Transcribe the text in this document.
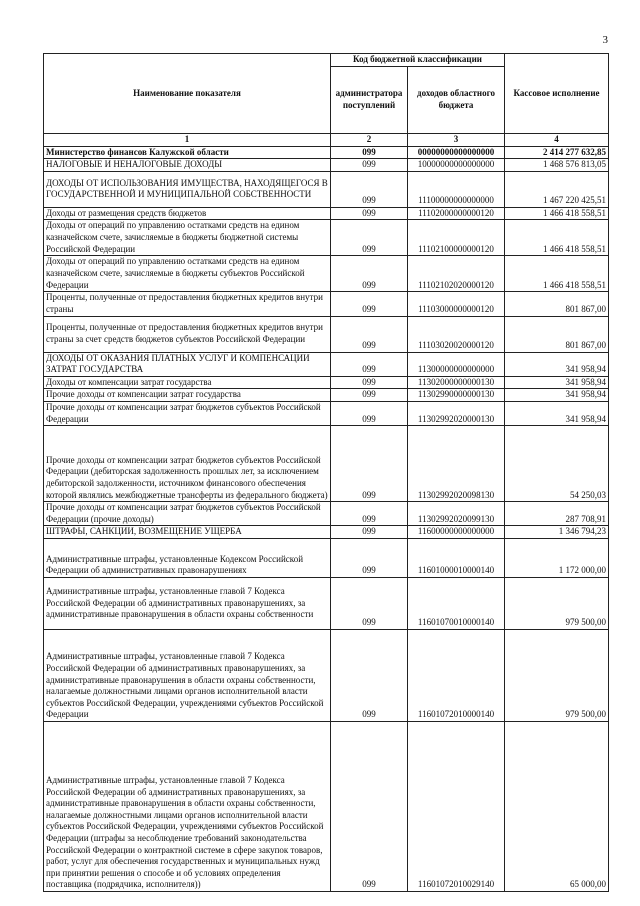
3
Наименование показателя	Код бюджетной классификации		Кассовое исполнение
	администратора поступлений	доходов областного бюджета	
1	2	3	4
Министерство финансов Калужской области	099	00000000000000000	2 414 277 632,85
НАЛОГОВЫЕ И НЕНАЛОГОВЫЕ ДОХОДЫ	099	10000000000000000	1 468 576 813,05
ДОХОДЫ ОТ ИСПОЛЬЗОВАНИЯ ИМУЩЕСТВА, НАХОДЯЩЕГОСЯ В ГОСУДАРСТВЕННОЙ И МУНИЦИПАЛЬНОЙ СОБСТВЕННОСТИ	099	11100000000000000	1 467 220 425,51
Доходы от размещения средств бюджетов	099	11102000000000120	1 466 418 558,51
Доходы от операций по управлению остатками средств на едином казначейском счете, зачисляемые в бюджеты бюджетной системы Российской Федерации	099	11102100000000120	1 466 418 558,51
Доходы от операций по управлению остатками средств на едином казначейском счете, зачисляемые в бюджеты субъектов Российской Федерации	099	11102102020000120	1 466 418 558,51
Проценты, полученные от предоставления бюджетных кредитов внутри страны	099	11103000000000120	801 867,00
Проценты, полученные от предоставления бюджетных кредитов внутри страны за счет средств бюджетов субъектов Российской Федерации	099	11103020020000120	801 867,00
ДОХОДЫ ОТ ОКАЗАНИЯ ПЛАТНЫХ УСЛУГ И КОМПЕНСАЦИИ ЗАТРАТ ГОСУДАРСТВА	099	11300000000000000	341 958,94
Доходы от компенсации затрат государства	099	11302000000000130	341 958,94
Прочие доходы от компенсации затрат государства	099	11302990000000130	341 958,94
Прочие доходы от компенсации затрат бюджетов субъектов Российской Федерации	099	11302992020000130	341 958,94
Прочие доходы от компенсации затрат бюджетов субъектов Российской Федерации (дебиторская задолженность прошлых лет, за исключением дебиторской задолженности, источником финансового обеспечения которой являлись межбюджетные трансферты из федерального бюджета)	099	11302992020098130	54 250,03
Прочие доходы от компенсации затрат бюджетов субъектов Российской Федерации (прочие доходы)	099	11302992020099130	287 708,91
ШТРАФЫ, САНКЦИИ, ВОЗМЕЩЕНИЕ УЩЕРБА	099	11600000000000000	1 346 794,23
Административные штрафы, установленные Кодексом Российской Федерации об административных правонарушениях	099	11601000010000140	1 172 000,00
Административные штрафы, установленные главой 7 Кодекса Российской Федерации об административных правонарушениях, за административные правонарушения в области охраны собственности	099	11601070010000140	979 500,00
Административные штрафы, установленные главой 7 Кодекса Российской Федерации об административных правонарушениях, за административные правонарушения в области охраны собственности, налагаемые должностными лицами органов исполнительной власти субъектов Российской Федерации, учреждениями субъектов Российской Федерации	099	11601072010000140	979 500,00
Административные штрафы, установленные главой 7 Кодекса Российской Федерации об административных правонарушениях, за административные правонарушения в области охраны собственности, налагаемые должностными лицами органов исполнительной власти субъектов Российской Федерации, учреждениями субъектов Российской Федерации (штрафы за несоблюдение требований законодательства Российской Федерации о контрактной системе в сфере закупок товаров, работ, услуг для обеспечения государственных и муниципальных нужд при принятии решения о способе и об условиях определения поставщика (подрядчика, исполнителя))	099	11601072010029140	65 000,00
